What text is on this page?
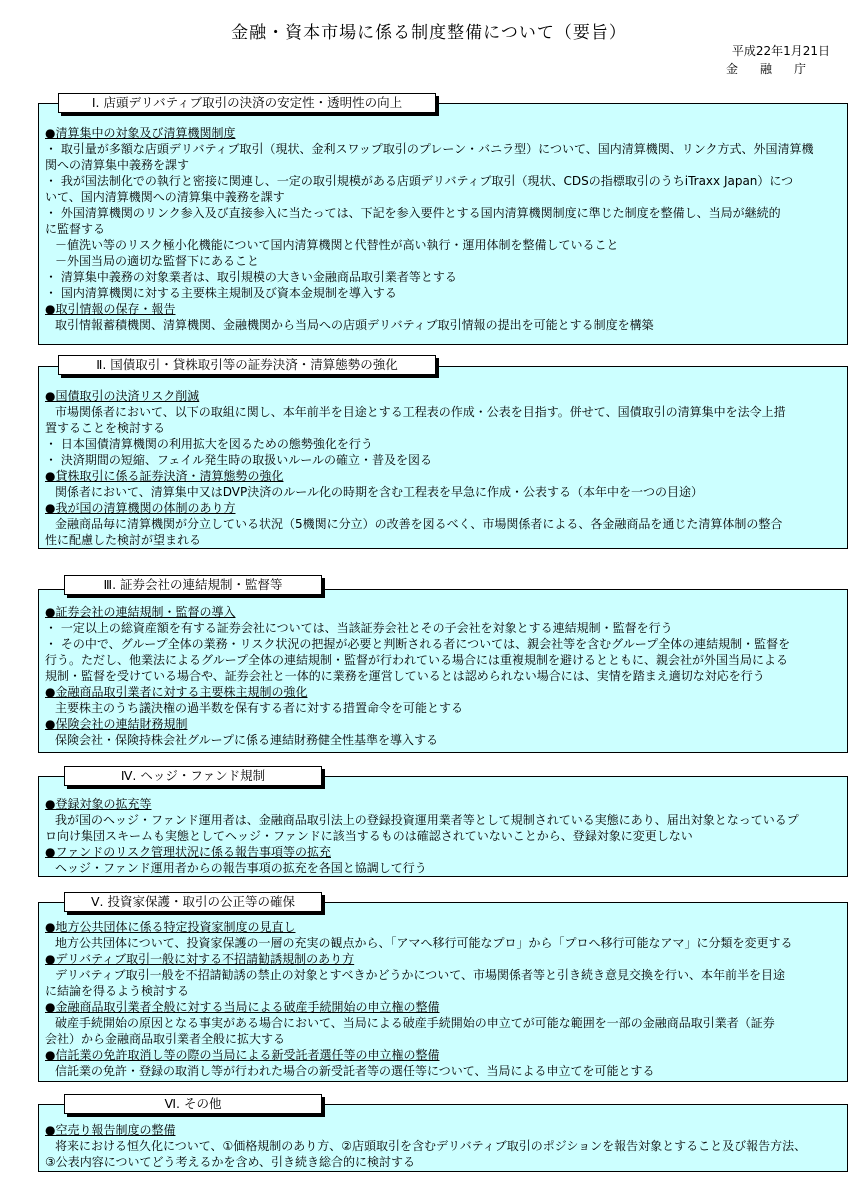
金融・資本市場に係る制度整備について（要旨）
平成22年1月21日
金融庁
●清算集中の対象及び清算機関制度
・ 取引量が多額な店頭デリバティブ取引（現状、金利スワップ取引のプレーン・バニラ型）について、国内清算機関、リンク方式、外国清算機
関への清算集中義務を課す
・ 我が国法制化での執行と密接に関連し、一定の取引規模がある店頭デリバティブ取引（現状、CDSの指標取引のうちiTraxx Japan）につ
いて、国内清算機関への清算集中義務を課す
・ 外国清算機関のリンク参入及び直接参入に当たっては、下記を参入要件とする国内清算機関制度に準じた制度を整備し、当局が継続的
に監督する
－値洗い等のリスク極小化機能について国内清算機関と代替性が高い執行・運用体制を整備していること
－外国当局の適切な監督下にあること
・ 清算集中義務の対象業者は、取引規模の大きい金融商品取引業者等とする
・ 国内清算機関に対する主要株主規制及び資本金規制を導入する
●取引情報の保存・報告
取引情報蓄積機関、清算機関、金融機関から当局への店頭デリバティブ取引情報の提出を可能とする制度を構築
Ⅰ. 店頭デリバティブ取引の決済の安定性・透明性の向上
●国債取引の決済リスク削減
市場関係者において、以下の取組に関し、本年前半を目途とする工程表の作成・公表を目指す。併せて、国債取引の清算集中を法令上措
置することを検討する
・ 日本国債清算機関の利用拡大を図るための態勢強化を行う
・ 決済期間の短縮、フェイル発生時の取扱いルールの確立・普及を図る
●貸株取引に係る証券決済・清算態勢の強化
関係者において、清算集中又はDVP決済のルール化の時期を含む工程表を早急に作成・公表する（本年中を一つの目途）
●我が国の清算機関の体制のあり方
金融商品毎に清算機関が分立している状況（5機関に分立）の改善を図るべく、市場関係者による、各金融商品を通じた清算体制の整合
性に配慮した検討が望まれる
Ⅱ. 国債取引・貸株取引等の証券決済・清算態勢の強化
●証券会社の連結規制・監督の導入
・ 一定以上の総資産額を有する証券会社については、当該証券会社とその子会社を対象とする連結規制・監督を行う
・ その中で、グループ全体の業務・リスク状況の把握が必要と判断される者については、親会社等を含むグループ全体の連結規制・監督を
行う。ただし、他業法によるグループ全体の連結規制・監督が行われている場合には重複規制を避けるとともに、親会社が外国当局による
規制・監督を受けている場合や、証券会社と一体的に業務を運営しているとは認められない場合には、実情を踏まえ適切な対応を行う
●金融商品取引業者に対する主要株主規制の強化
主要株主のうち議決権の過半数を保有する者に対する措置命令を可能とする
●保険会社の連結財務規制
保険会社・保険持株会社グループに係る連結財務健全性基準を導入する
Ⅲ. 証券会社の連結規制・監督等
●登録対象の拡充等
我が国のヘッジ・ファンド運用者は、金融商品取引法上の登録投資運用業者等として規制されている実態にあり、届出対象となっているプ
ロ向け集団スキームも実態としてヘッジ・ファンドに該当するものは確認されていないことから、登録対象に変更しない
●ファンドのリスク管理状況に係る報告事項等の拡充
ヘッジ・ファンド運用者からの報告事項の拡充を各国と協調して行う
Ⅳ. ヘッジ・ファンド規制
●地方公共団体に係る特定投資家制度の見直し
地方公共団体について、投資家保護の一層の充実の観点から、「アマへ移行可能なプロ」から「プロへ移行可能なアマ」に分類を変更する
●デリバティブ取引一般に対する不招請勧誘規制のあり方
デリバティブ取引一般を不招請勧誘の禁止の対象とすべきかどうかについて、市場関係者等と引き続き意見交換を行い、本年前半を目途
に結論を得るよう検討する
●金融商品取引業者全般に対する当局による破産手続開始の申立権の整備
破産手続開始の原因となる事実がある場合において、当局による破産手続開始の申立てが可能な範囲を一部の金融商品取引業者（証券
会社）から金融商品取引業者全般に拡大する
●信託業の免許取消し等の際の当局による新受託者選任等の申立権の整備
信託業の免許・登録の取消し等が行われた場合の新受託者等の選任等について、当局による申立てを可能とする
Ⅴ. 投資家保護・取引の公正等の確保
●空売り報告制度の整備
将来における恒久化について、①価格規制のあり方、②店頭取引を含むデリバティブ取引のポジションを報告対象とすること及び報告方法、
③公表内容についてどう考えるかを含め、引き続き総合的に検討する
Ⅵ. その他
